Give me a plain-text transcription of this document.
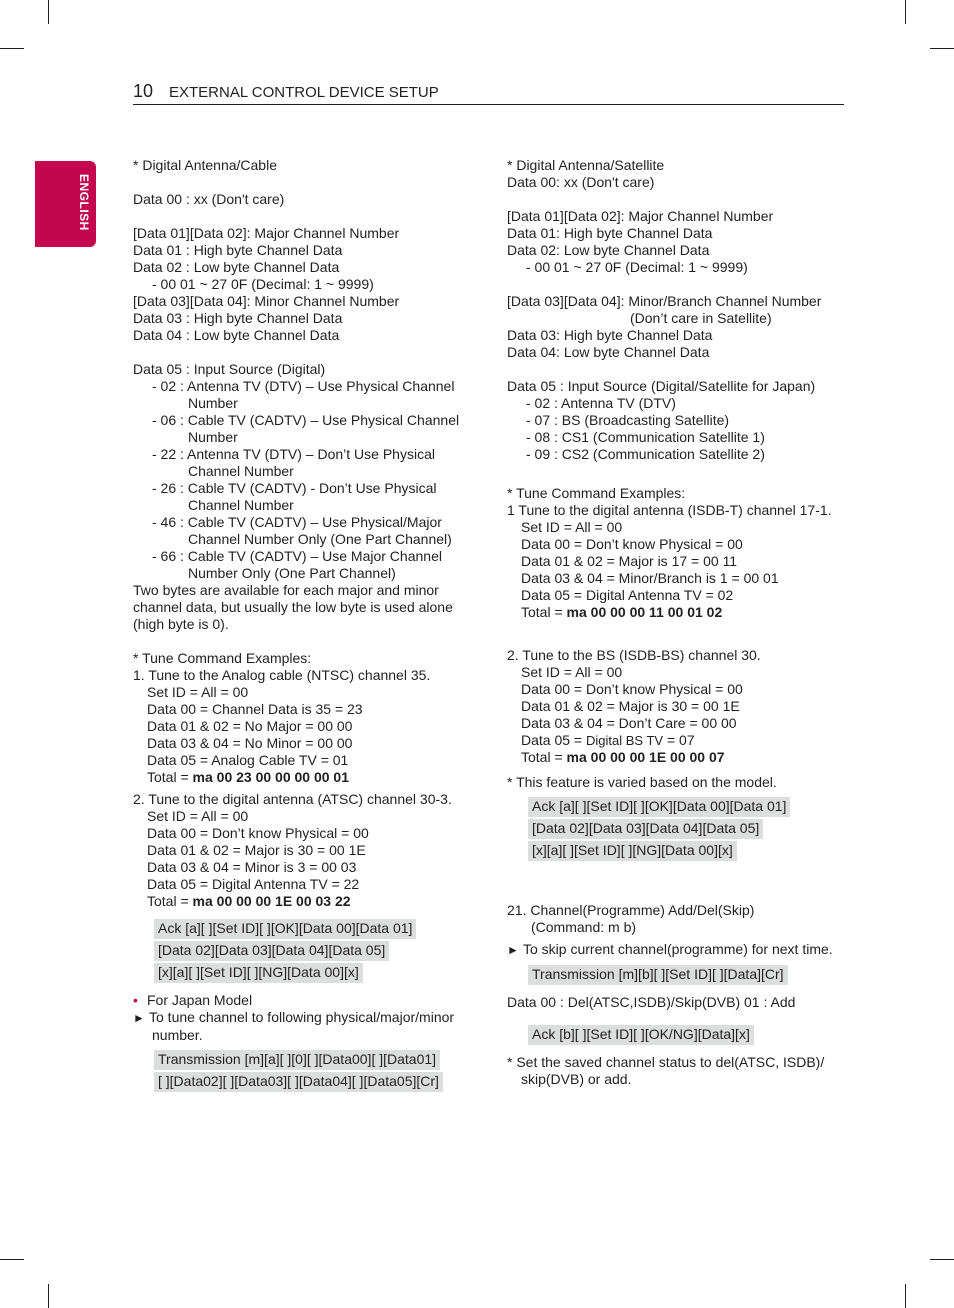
10 EXTERNAL CONTROL DEVICE SETUP
ENGLISH
* Digital Antenna/Cable
Data 00 : xx (Don't care)
[Data 01][Data 02]: Major Channel Number
Data 01 : High byte Channel Data
Data 02 : Low byte Channel Data
- 00 01 ~ 27 0F (Decimal: 1 ~ 9999)
[Data 03][Data 04]: Minor Channel Number
Data 03 : High byte Channel Data
Data 04 : Low byte Channel Data
Data 05 : Input Source (Digital)
- 02 : Antenna TV (DTV) – Use Physical Channel
Number
- 06 : Cable TV (CADTV) – Use Physical Channel
Number
- 22 : Antenna TV (DTV) – Don’t Use Physical
Channel Number
- 26 : Cable TV (CADTV) - Don’t Use Physical
Channel Number
- 46 : Cable TV (CADTV) – Use Physical/Major
Channel Number Only (One Part Channel)
- 66 : Cable TV (CADTV) – Use Major Channel
Number Only (One Part Channel)
Two bytes are available for each major and minor
channel data, but usually the low byte is used alone
(high byte is 0).
* Tune Command Examples:
1. Tune to the Analog cable (NTSC) channel 35.
Set ID = All = 00
Data 00 = Channel Data is 35 = 23
Data 01 & 02 = No Major = 00 00
Data 03 & 04 = No Minor = 00 00
Data 05 = Analog Cable TV = 01
Total = ma 00 23 00 00 00 00 01
2. Tune to the digital antenna (ATSC) channel 30-3.
Set ID = All = 00
Data 00 = Don’t know Physical = 00
Data 01 & 02 = Major is 30 = 00 1E
Data 03 & 04 = Minor is 3 = 00 03
Data 05 = Digital Antenna TV = 22
Total = ma 00 00 00 1E 00 03 22
Ack [a][ ][Set ID][ ][OK][Data 00][Data 01]
[Data 02][Data 03][Data 04][Data 05]
[x][a][ ][Set ID][ ][NG][Data 00][x]
• For Japan Model
► To tune channel to following physical/major/minor
number.
Transmission [m][a][ ][0][ ][Data00][ ][Data01]
[ ][Data02][ ][Data03][ ][Data04][ ][Data05][Cr]
* Digital Antenna/Satellite
Data 00: xx (Don't care)
[Data 01][Data 02]: Major Channel Number
Data 01: High byte Channel Data
Data 02: Low byte Channel Data
- 00 01 ~ 27 0F (Decimal: 1 ~ 9999)
[Data 03][Data 04]: Minor/Branch Channel Number
(Don’t care in Satellite)
Data 03: High byte Channel Data
Data 04: Low byte Channel Data
Data 05 : Input Source (Digital/Satellite for Japan)
- 02 : Antenna TV (DTV)
- 07 : BS (Broadcasting Satellite)
- 08 : CS1 (Communication Satellite 1)
- 09 : CS2 (Communication Satellite 2)
* Tune Command Examples:
1 Tune to the digital antenna (ISDB-T) channel 17-1.
Set ID = All = 00
Data 00 = Don’t know Physical = 00
Data 01 & 02 = Major is 17 = 00 11
Data 03 & 04 = Minor/Branch is 1 = 00 01
Data 05 = Digital Antenna TV = 02
Total = ma 00 00 00 11 00 01 02
2. Tune to the BS (ISDB-BS) channel 30.
Set ID = All = 00
Data 00 = Don’t know Physical = 00
Data 01 & 02 = Major is 30 = 00 1E
Data 03 & 04 = Don’t Care = 00 00
Data 05 = Digital BS TV = 07
Total = ma 00 00 00 1E 00 00 07
* This feature is varied based on the model.
Ack [a][ ][Set ID][ ][OK][Data 00][Data 01]
[Data 02][Data 03][Data 04][Data 05]
[x][a][ ][Set ID][ ][NG][Data 00][x]
21. Channel(Programme) Add/Del(Skip)
(Command: m b)
► To skip current channel(programme) for next time.
Transmission [m][b][ ][Set ID][ ][Data][Cr]
Data 00 : Del(ATSC,ISDB)/Skip(DVB) 01 : Add
Ack [b][ ][Set ID][ ][OK/NG][Data][x]
* Set the saved channel status to del(ATSC, ISDB)/
skip(DVB) or add.
